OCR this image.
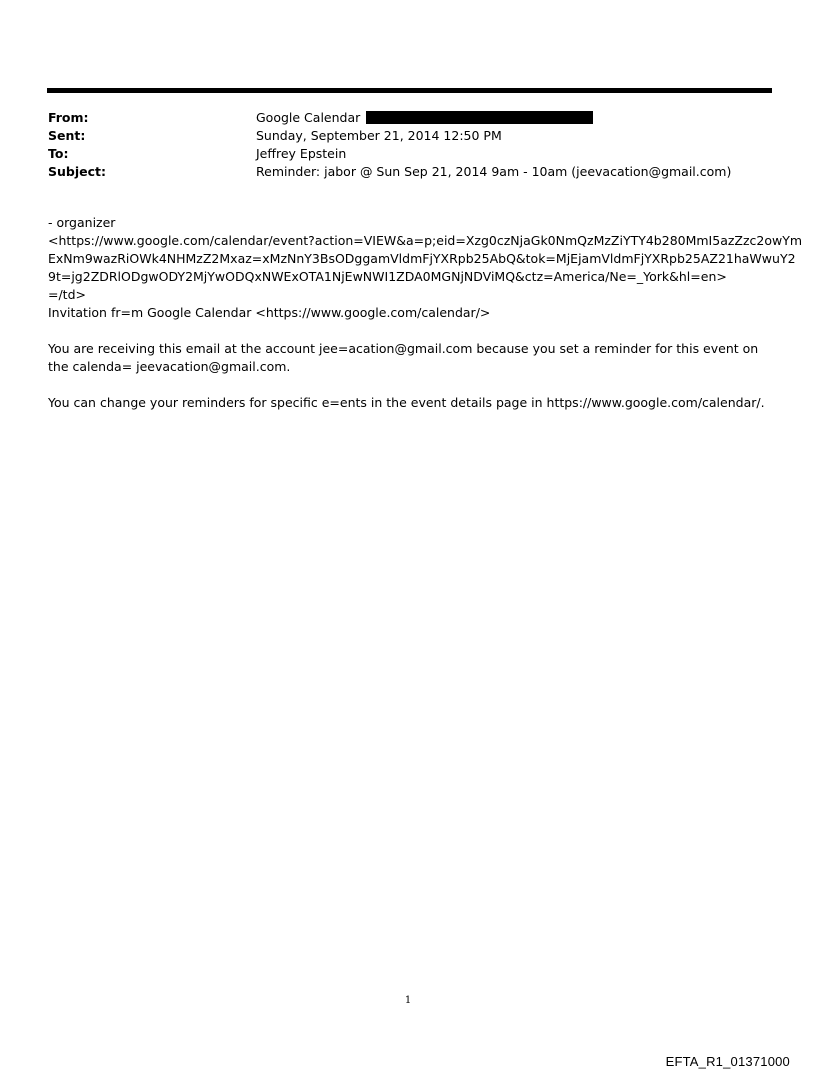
From:	Google Calendar
Sent:	Sunday, September 21, 2014 12:50 PM
To:	Jeffrey Epstein
Subject:	Reminder: jabor @ Sun Sep 21, 2014 9am - 10am (jeevacation@gmail.com)

- organizer

<https://www.google.com/calendar/event?action=VIEW&a=p;eid=Xzg0czNjaGk0NmQzMzZiYTY4b280MmI5azZzc2owYm
ExNm9wazRiOWk4NHMzZ2Mxaz=xMzNnY3BsODggamVldmFjYXRpb25AbQ&tok=MjEjamVldmFjYXRpb25AZ21haWwuY2
9t=jg2ZDRlODgwODY2MjYwODQxNWExOTA1NjEwNWI1ZDA0MGNjNDViMQ&ctz=America/Ne=_York&hl=en>
=/td>

Invitation fr=m Google Calendar <https://www.google.com/calendar/>

You are receiving this email at the account jee=acation@gmail.com because you set a reminder for this event on the calenda= jeevacation@gmail.com.

You can change your reminders for specific e=ents in the event details page in https://www.google.com/calendar/.

1
EFTA_R1_01371000
